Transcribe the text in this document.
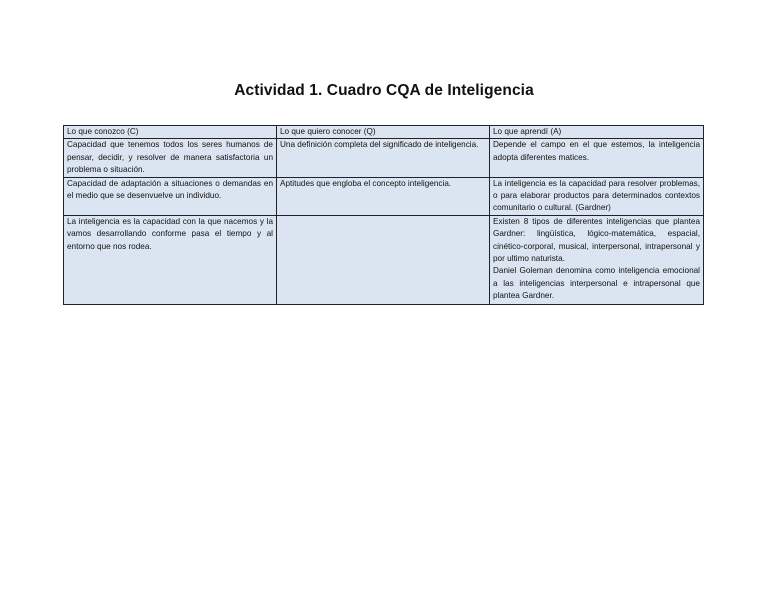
Actividad 1. Cuadro CQA de Inteligencia
Lo que conozco (C)	Lo que quiero conocer (Q)	Lo que aprendí (A)
Capacidad que tenemos todos los seres humanos de pensar, decidir, y resolver de manera satisfactoria un problema o situación.	Una definición completa del significado de inteligencia.	Depende el campo en el que estemos, la inteligencia adopta diferentes matices.
Capacidad de adaptación a situaciones o demandas en el medio que se desenvuelve un individuo.	Aptitudes que engloba el concepto inteligencia.	La inteligencia es la capacidad para resolver problemas, o para elaborar productos para determinados contextos comunitario o cultural. (Gardner)
La inteligencia es la capacidad con la que nacemos y la vamos desarrollando conforme pasa el tiempo y al entorno que nos rodea.		Existen 8 tipos de diferentes inteligencias que plantea Gardner: lingüística, lógico-matemática, espacial, cinético-corporal, musical, interpersonal, intrapersonal y por ultimo naturista.
Daniel Goleman denomina como inteligencia emocional a las inteligencias interpersonal e intrapersonal que plantea Gardner.
